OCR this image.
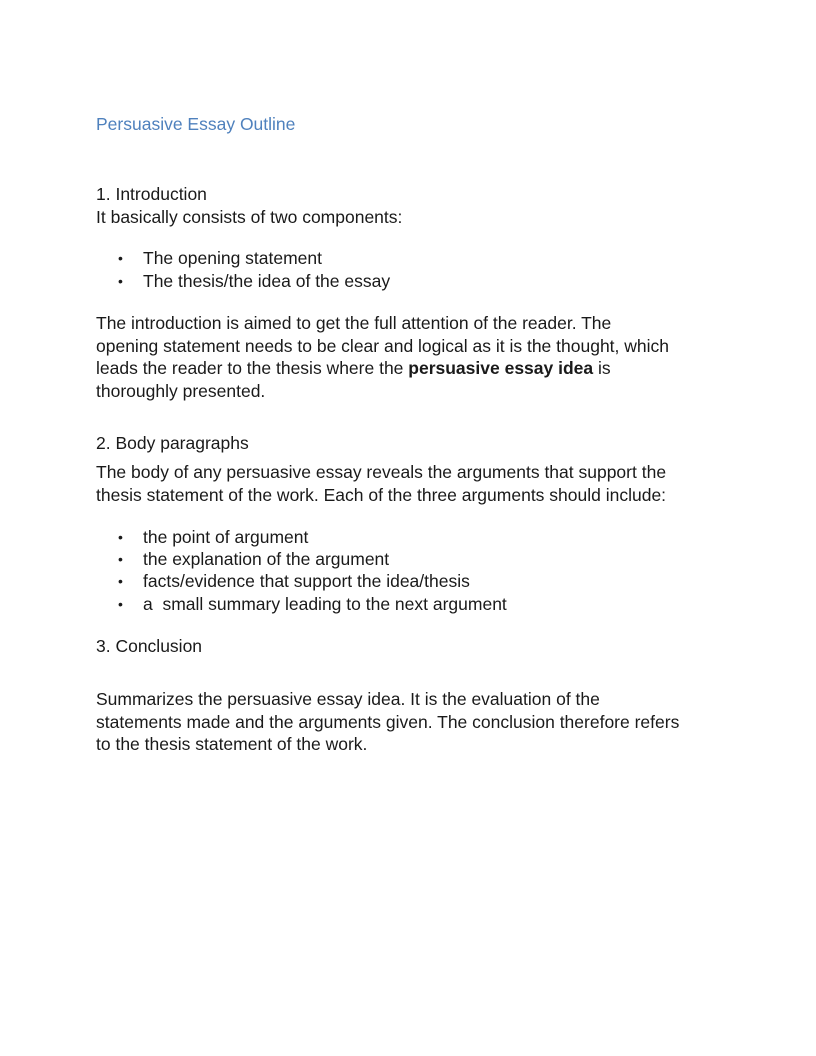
Persuasive Essay Outline
1. Introduction
It basically consists of two components:
• The opening statement
• The thesis/the idea of the essay

The introduction is aimed to get the full attention of the reader. The
opening statement needs to be clear and logical as it is the thought, which
leads the reader to the thesis where the persuasive essay idea is
thoroughly presented.

2. Body paragraphs

The body of any persuasive essay reveals the arguments that support the
thesis statement of the work. Each of the three arguments should include:

• the point of argument
• the explanation of the argument
• facts/evidence that support the idea/thesis
• a  small summary leading to the next argument
3. Conclusion

Summarizes the persuasive essay idea. It is the evaluation of the
statements made and the arguments given. The conclusion therefore refers
to the thesis statement of the work.
